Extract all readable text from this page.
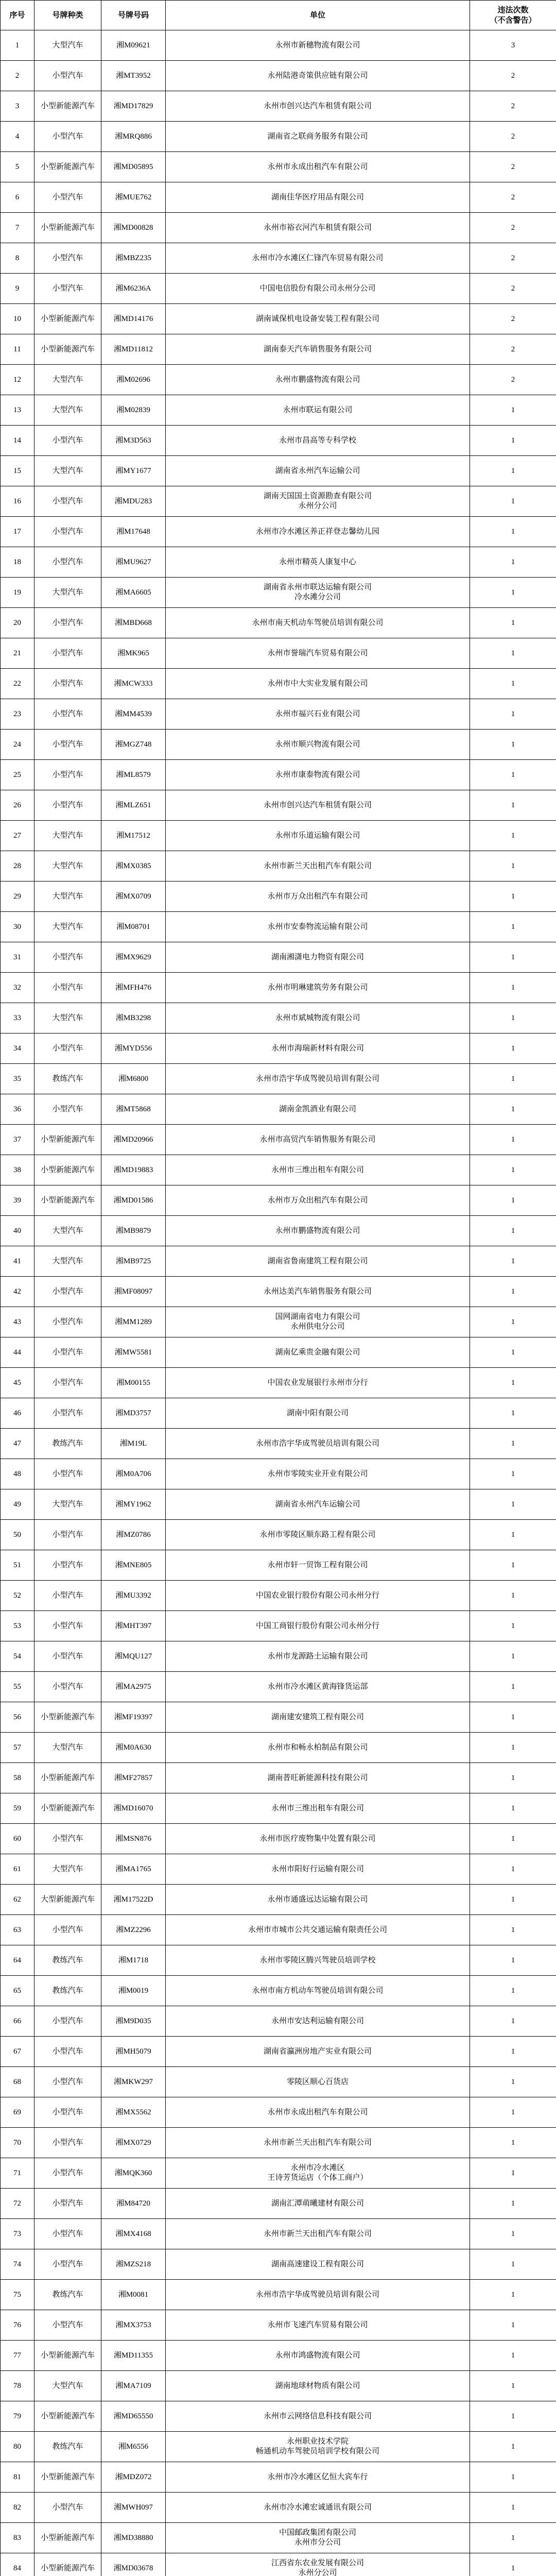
序号	号牌种类	号牌号码	单位	违法次数
（不含警告）
1	大型汽车	湘M09621	永州市新穗物流有限公司	3
2	小型汽车	湘MT3952	永州陆港奇策供应链有限公司	2
3	小型新能源汽车	湘MD17829	永州市创兴达汽车租赁有限公司	2
4	小型汽车	湘MRQ886	湖南省之联商务服务有限公司	2
5	小型新能源汽车	湘MD05895	永州市永成出租汽车有限公司	2
6	小型汽车	湘MUE762	湖南佳华医疗用品有限公司	2
7	小型新能源汽车	湘MD00828	永州市裕衣河汽车租赁有限公司	2
8	小型汽车	湘MBZ235	永州市冷水滩区仁锋汽车贸易有限公司	2
9	小型汽车	湘M6236A	中国电信股份有限公司永州分公司	2
10	小型新能源汽车	湘MD14176	湖南诚保机电设备安装工程有限公司	2
11	小型新能源汽车	湘MD11812	湖南泰天汽车销售服务有限公司	2
12	大型汽车	湘M02696	永州市鹏盛物流有限公司	2
13	大型汽车	湘M02839	永州市联运有限公司	1
14	小型汽车	湘M3D563	永州市昌高等专科学校	1
15	大型汽车	湘MY1677	湖南省永州汽车运输公司	1
16	小型汽车	湘MDU283	湖南天国国土资源勘查有限公司
永州分公司	1
17	小型汽车	湘M17648	永州市冷水滩区养正祥登志馨幼儿园	1
18	小型汽车	湘MU9627	永州市精英人康复中心	1
19	大型汽车	湘MA6605	湖南省永州市联达运输有限公司
冷水滩分公司	1
20	小型汽车	湘MBD668	永州市南天机动车驾驶员培训有限公司	1
21	小型汽车	湘MK965	永州市誉瑞汽车贸易有限公司	1
22	小型汽车	湘MCW333	永州市中大实业发展有限公司	1
23	小型汽车	湘MM4539	永州市福兴石业有限公司	1
24	小型汽车	湘MGZ748	永州市顺兴物流有限公司	1
25	小型汽车	湘ML8579	永州市康泰物流有限公司	1
26	小型汽车	湘MLZ651	永州市创兴达汽车租赁有限公司	1
27	大型汽车	湘M17512	永州市乐道运输有限公司	1
28	大型汽车	湘MX0385	永州市新兰天出租汽车有限公司	1
29	大型汽车	湘MX0709	永州市万众出租汽车有限公司	1
30	大型汽车	湘M08701	永州市安泰物流运输有限公司	1
31	小型汽车	湘MX9629	湖南湘潇电力物资有限公司	1
32	小型汽车	湘MFH476	永州市明琳建筑劳务有限公司	1
33	大型汽车	湘MB3298	永州市斌城物流有限公司	1
34	小型汽车	湘MYD556	永州市海瑞新材料有限公司	1
35	教练汽车	湘M6800	永州市浩宇华成驾驶员培训有限公司	1
36	小型汽车	湘MT5868	湖南金凯酒业有限公司	1
37	小型新能源汽车	湘MD20966	永州市高贸汽车销售服务有限公司	1
38	小型新能源汽车	湘MD19883	永州市三维出租车有限公司	1
39	小型新能源汽车	湘MD01586	永州市万众出租汽车有限公司	1
40	大型汽车	湘MB9879	永州市鹏盛物流有限公司	1
41	大型汽车	湘MB9725	湖南省鲁南建筑工程有限公司	1
42	小型汽车	湘MF08097	永州达美汽车销售服务有限公司	1
43	小型汽车	湘MM1289	国网湖南省电力有限公司
永州供电分公司	1
44	小型汽车	湘MW5581	湖南亿乘贵金融有限公司	1
45	小型汽车	湘M00155	中国农业发展银行永州市分行	1
46	小型汽车	湘MD3757	湖南中阳有限公司	1
47	教练汽车	湘M19L	永州市浩宇华成驾驶员培训有限公司	1
48	小型汽车	湘M0A706	永州市零陵实业开业有限公司	1
49	大型汽车	湘MY1962	湖南省永州汽车运输公司	1
50	小型汽车	湘MZ0786	永州市零陵区顺东路工程有限公司	1
51	小型汽车	湘MNE805	永州市轩一贸饰工程有限公司	1
52	小型汽车	湘MU3392	中国农业银行股份有限公司永州分行	1
53	小型汽车	湘MHT397	中国工商银行股份有限公司永州分行	1
54	小型汽车	湘MQU127	永州市龙源路土运输有限公司	1
55	小型汽车	湘MA2975	永州市冷水滩区黄海锋货运部	1
56	小型新能源汽车	湘MF19397	湖南建安建筑工程有限公司	1
57	大型汽车	湘M0A630	永州市和畅永柏制品有限公司	1
58	小型新能源汽车	湘MF27857	湖南普旺新能源科技有限公司	1
59	小型新能源汽车	湘MD16070	永州市三维出租车有限公司	1
60	小型汽车	湘MSN876	永州市医疗废物集中处置有限公司	1
61	大型汽车	湘MA1765	永州市阳好行运输有限公司	1
62	大型新能源汽车	湘M17522D	永州市通盛远达运输有限公司	1
63	小型汽车	湘MZ2296	永州市市城市公共交通运输有限责任公司	1
64	教练汽车	湘M1718	永州市零陵区腾兴驾驶员培训学校	1
65	教练汽车	湘M0019	永州市南方机动车驾驶员培训有限公司	1
66	小型汽车	湘M9D035	永州市安达利运输有限公司	1
67	小型汽车	湘MH5079	湖南省瀛洲房地产实业有限公司	1
68	小型汽车	湘MKW297	零陵区顺心百货店	1
69	小型汽车	湘MX5562	永州市永成出租汽车有限公司	1
70	小型汽车	湘MX0729	永州市新兰天出租汽车有限公司	1
71	小型汽车	湘MQK360	永州市冷水滩区
王诗芳货运店（个体工商户）	1
72	小型汽车	湘M84720	湖南汇潭萌曦建材有限公司	1
73	小型汽车	湘MX4168	永州市新兰天出租汽车有限公司	1
74	小型汽车	湘MZS218	湖南高速建设工程有限公司	1
75	教练汽车	湘M0081	永州市浩宇华成驾驶员培训有限公司	1
76	小型汽车	湘MX3753	永州市飞速汽车贸易有限公司	1
77	小型新能源汽车	湘MD11355	永州市鸿盛物流有限公司	1
78	大型汽车	湘MA7109	湖南地球材物质有限公司	1
79	小型新能源汽车	湘MD65550	永州市云网络信息科技有限公司	1
80	教练汽车	湘M6556	永州职业技术学院
畅通机动车驾驶员培训学校有限公司	1
81	小型新能源汽车	湘MDZ072	永州市冷水滩区亿恒大宾车行	1
82	小型汽车	湘MWH097	永州市冷水滩宏诚通讯有限公司	1
83	小型新能源汽车	湘MD38880	中国邮政集团有限公司
永州市分公司	1
84	小型新能源汽车	湘MD03678	江西省东农业发展有限公司
永州分公司	1
